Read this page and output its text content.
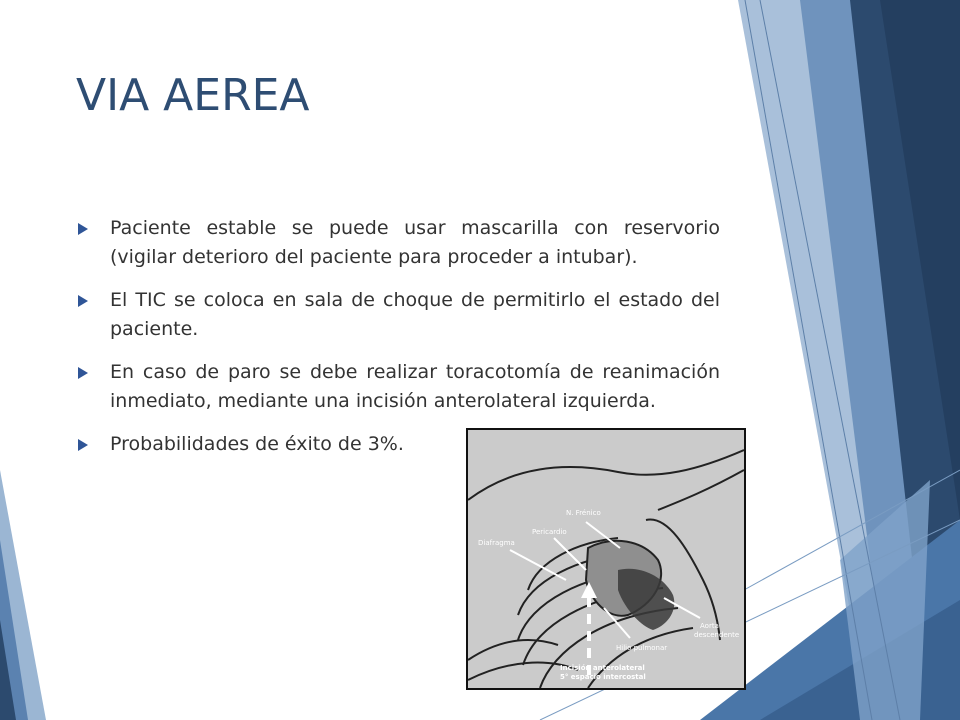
VIA AEREA
Paciente estable se puede usar mascarilla con reservorio (vigilar deterioro del paciente para proceder a intubar).
El TIC se coloca en sala de choque de permitirlo el estado del paciente.
En caso de paro se debe realizar toracotomía de reanimación inmediato, mediante una incisión anterolateral izquierda.
Probabilidades de éxito de 3%.
N. Frénico
Diafragma
Pericardio
Aorta
descendente
Hilio pulmonar
Incisión anterolateral
5° espacio intercostal
